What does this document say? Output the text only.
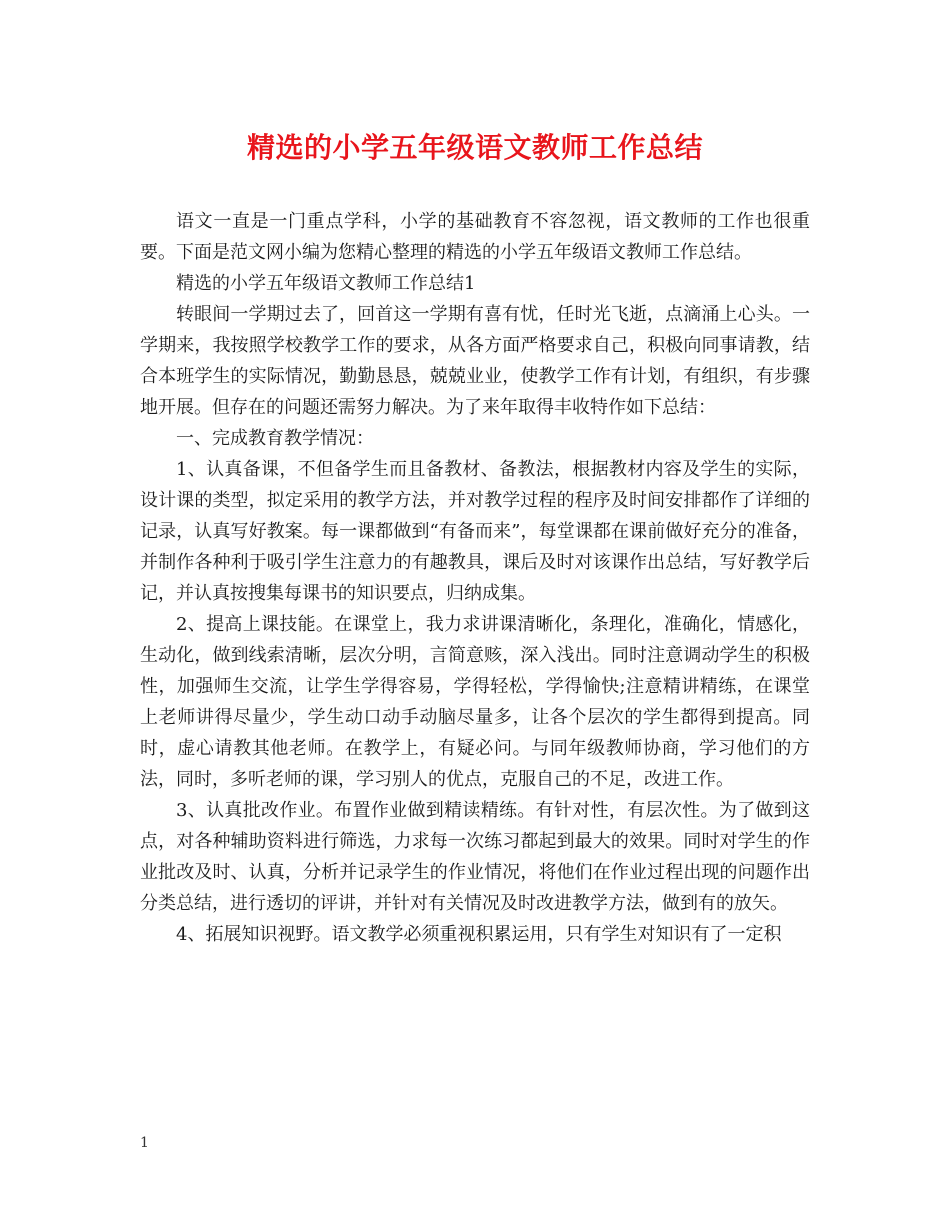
精选的小学五年级语文教师工作总结

语文一直是一门重点学科，小学的基础教育不容忽视，语文教师的工作也很重要。下面是范文网小编为您精心整理的精选的小学五年级语文教师工作总结。

精选的小学五年级语文教师工作总结1

转眼间一学期过去了，回首这一学期有喜有忧，任时光飞逝，点滴涌上心头。一学期来，我按照学校教学工作的要求，从各方面严格要求自己，积极向同事请教，结合本班学生的实际情况，勤勤恳恳，兢兢业业，使教学工作有计划，有组织，有步骤地开展。但存在的问题还需努力解决。为了来年取得丰收特作如下总结：

一、完成教育教学情况：

1、认真备课，不但备学生而且备教材、备教法，根据教材内容及学生的实际，设计课的类型，拟定采用的教学方法，并对教学过程的程序及时间安排都作了详细的记录，认真写好教案。每一课都做到“有备而来”，每堂课都在课前做好充分的准备，并制作各种利于吸引学生注意力的有趣教具，课后及时对该课作出总结，写好教学后记，并认真按搜集每课书的知识要点，归纳成集。

2、提高上课技能。在课堂上，我力求讲课清晰化，条理化，准确化，情感化，生动化，做到线索清晰，层次分明，言简意赅，深入浅出。同时注意调动学生的积极性，加强师生交流，让学生学得容易，学得轻松，学得愉快;注意精讲精练，在课堂上老师讲得尽量少，学生动口动手动脑尽量多，让各个层次的学生都得到提高。同时，虚心请教其他老师。在教学上，有疑必问。与同年级教师协商，学习他们的方法，同时，多听老师的课，学习别人的优点，克服自己的不足，改进工作。

3、认真批改作业。布置作业做到精读精练。有针对性，有层次性。为了做到这点，对各种辅助资料进行筛选，力求每一次练习都起到最大的效果。同时对学生的作业批改及时、认真，分析并记录学生的作业情况，将他们在作业过程出现的问题作出分类总结，进行透切的评讲，并针对有关情况及时改进教学方法，做到有的放矢。

4、拓展知识视野。语文教学必须重视积累运用，只有学生对知识有了一定积

1
